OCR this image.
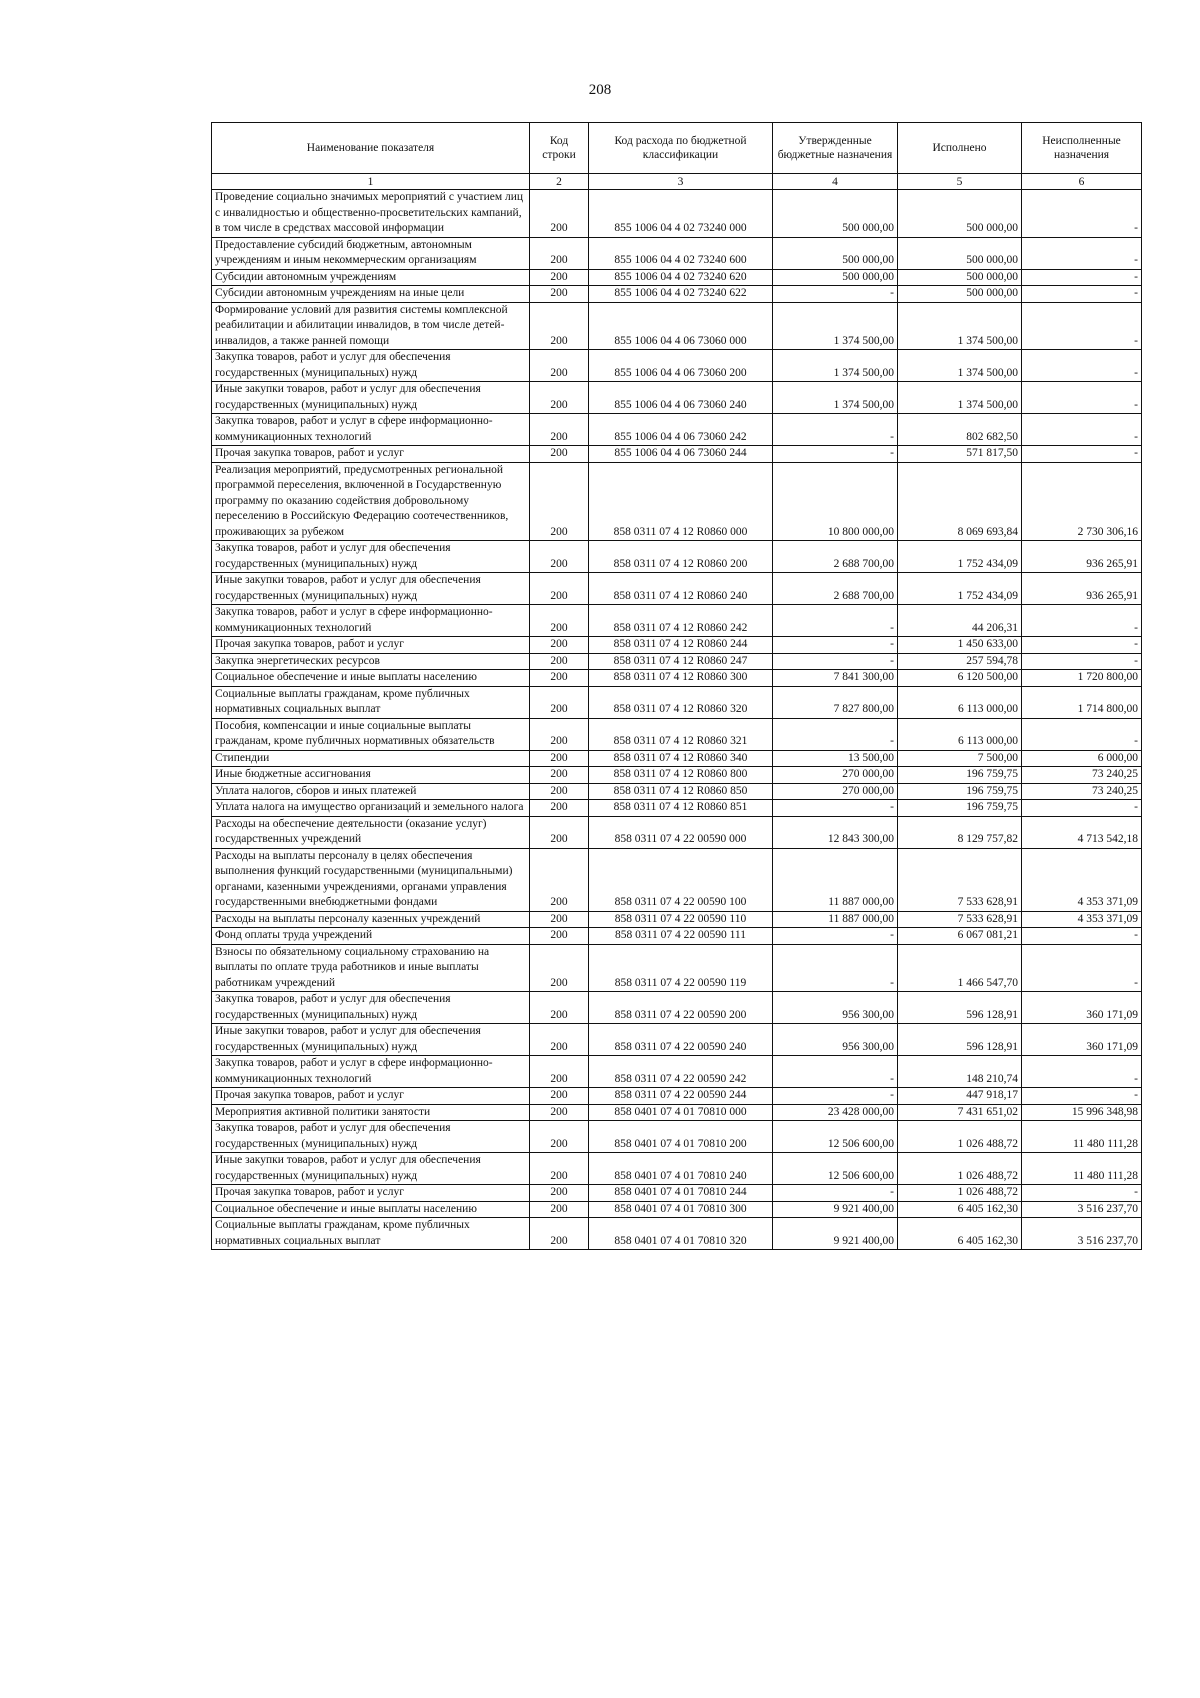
208
Наименование показателя	Код строки	Код расхода по бюджетной классификации	Утвержденные бюджетные назначения	Исполнено	Неисполненные назначения
1	2	3	4	5	6
Проведение социально значимых мероприятий с участием лиц с инвалидностью и общественно-просветительских кампаний, в том числе в средствах массовой информации	200	855 1006 04 4 02 73240 000	500 000,00	500 000,00	-
Предоставление субсидий бюджетным, автономным учреждениям и иным некоммерческим организациям	200	855 1006 04 4 02 73240 600	500 000,00	500 000,00	-
Субсидии автономным учреждениям	200	855 1006 04 4 02 73240 620	500 000,00	500 000,00	-
Субсидии автономным учреждениям на иные цели	200	855 1006 04 4 02 73240 622	-	500 000,00	-
Формирование условий для развития системы комплексной реабилитации и абилитации инвалидов, в том числе детей-инвалидов, а также ранней помощи	200	855 1006 04 4 06 73060 000	1 374 500,00	1 374 500,00	-
Закупка товаров, работ и услуг для обеспечения государственных (муниципальных) нужд	200	855 1006 04 4 06 73060 200	1 374 500,00	1 374 500,00	-
Иные закупки товаров, работ и услуг для обеспечения государственных (муниципальных) нужд	200	855 1006 04 4 06 73060 240	1 374 500,00	1 374 500,00	-
Закупка товаров, работ и услуг в сфере информационно-коммуникационных технологий	200	855 1006 04 4 06 73060 242	-	802 682,50	-
Прочая закупка товаров, работ и услуг	200	855 1006 04 4 06 73060 244	-	571 817,50	-
Реализация мероприятий, предусмотренных региональной программой переселения, включенной в Государственную программу по оказанию содействия добровольному переселению в Российскую Федерацию соотечественников, проживающих за рубежом	200	858 0311 07 4 12 R0860 000	10 800 000,00	8 069 693,84	2 730 306,16
Закупка товаров, работ и услуг для обеспечения государственных (муниципальных) нужд	200	858 0311 07 4 12 R0860 200	2 688 700,00	1 752 434,09	936 265,91
Иные закупки товаров, работ и услуг для обеспечения государственных (муниципальных) нужд	200	858 0311 07 4 12 R0860 240	2 688 700,00	1 752 434,09	936 265,91
Закупка товаров, работ и услуг в сфере информационно-коммуникационных технологий	200	858 0311 07 4 12 R0860 242	-	44 206,31	-
Прочая закупка товаров, работ и услуг	200	858 0311 07 4 12 R0860 244	-	1 450 633,00	-
Закупка энергетических ресурсов	200	858 0311 07 4 12 R0860 247	-	257 594,78	-
Социальное обеспечение и иные выплаты населению	200	858 0311 07 4 12 R0860 300	7 841 300,00	6 120 500,00	1 720 800,00
Социальные выплаты гражданам, кроме публичных нормативных социальных выплат	200	858 0311 07 4 12 R0860 320	7 827 800,00	6 113 000,00	1 714 800,00
Пособия, компенсации и иные социальные выплаты гражданам, кроме публичных нормативных обязательств	200	858 0311 07 4 12 R0860 321	-	6 113 000,00	-
Стипендии	200	858 0311 07 4 12 R0860 340	13 500,00	7 500,00	6 000,00
Иные бюджетные ассигнования	200	858 0311 07 4 12 R0860 800	270 000,00	196 759,75	73 240,25
Уплата налогов, сборов и иных платежей	200	858 0311 07 4 12 R0860 850	270 000,00	196 759,75	73 240,25
Уплата налога на имущество организаций и земельного налога	200	858 0311 07 4 12 R0860 851	-	196 759,75	-
Расходы на обеспечение деятельности (оказание услуг) государственных учреждений	200	858 0311 07 4 22 00590 000	12 843 300,00	8 129 757,82	4 713 542,18
Расходы на выплаты персоналу в целях обеспечения выполнения функций государственными (муниципальными) органами, казенными учреждениями, органами управления государственными внебюджетными фондами	200	858 0311 07 4 22 00590 100	11 887 000,00	7 533 628,91	4 353 371,09
Расходы на выплаты персоналу казенных учреждений	200	858 0311 07 4 22 00590 110	11 887 000,00	7 533 628,91	4 353 371,09
Фонд оплаты труда учреждений	200	858 0311 07 4 22 00590 111	-	6 067 081,21	-
Взносы по обязательному социальному страхованию на выплаты по оплате труда работников и иные выплаты работникам учреждений	200	858 0311 07 4 22 00590 119	-	1 466 547,70	-
Закупка товаров, работ и услуг для обеспечения государственных (муниципальных) нужд	200	858 0311 07 4 22 00590 200	956 300,00	596 128,91	360 171,09
Иные закупки товаров, работ и услуг для обеспечения государственных (муниципальных) нужд	200	858 0311 07 4 22 00590 240	956 300,00	596 128,91	360 171,09
Закупка товаров, работ и услуг в сфере информационно-коммуникационных технологий	200	858 0311 07 4 22 00590 242	-	148 210,74	-
Прочая закупка товаров, работ и услуг	200	858 0311 07 4 22 00590 244	-	447 918,17	-
Мероприятия активной политики занятости	200	858 0401 07 4 01 70810 000	23 428 000,00	7 431 651,02	15 996 348,98
Закупка товаров, работ и услуг для обеспечения государственных (муниципальных) нужд	200	858 0401 07 4 01 70810 200	12 506 600,00	1 026 488,72	11 480 111,28
Иные закупки товаров, работ и услуг для обеспечения государственных (муниципальных) нужд	200	858 0401 07 4 01 70810 240	12 506 600,00	1 026 488,72	11 480 111,28
Прочая закупка товаров, работ и услуг	200	858 0401 07 4 01 70810 244	-	1 026 488,72	-
Социальное обеспечение и иные выплаты населению	200	858 0401 07 4 01 70810 300	9 921 400,00	6 405 162,30	3 516 237,70
Социальные выплаты гражданам, кроме публичных нормативных социальных выплат	200	858 0401 07 4 01 70810 320	9 921 400,00	6 405 162,30	3 516 237,70
